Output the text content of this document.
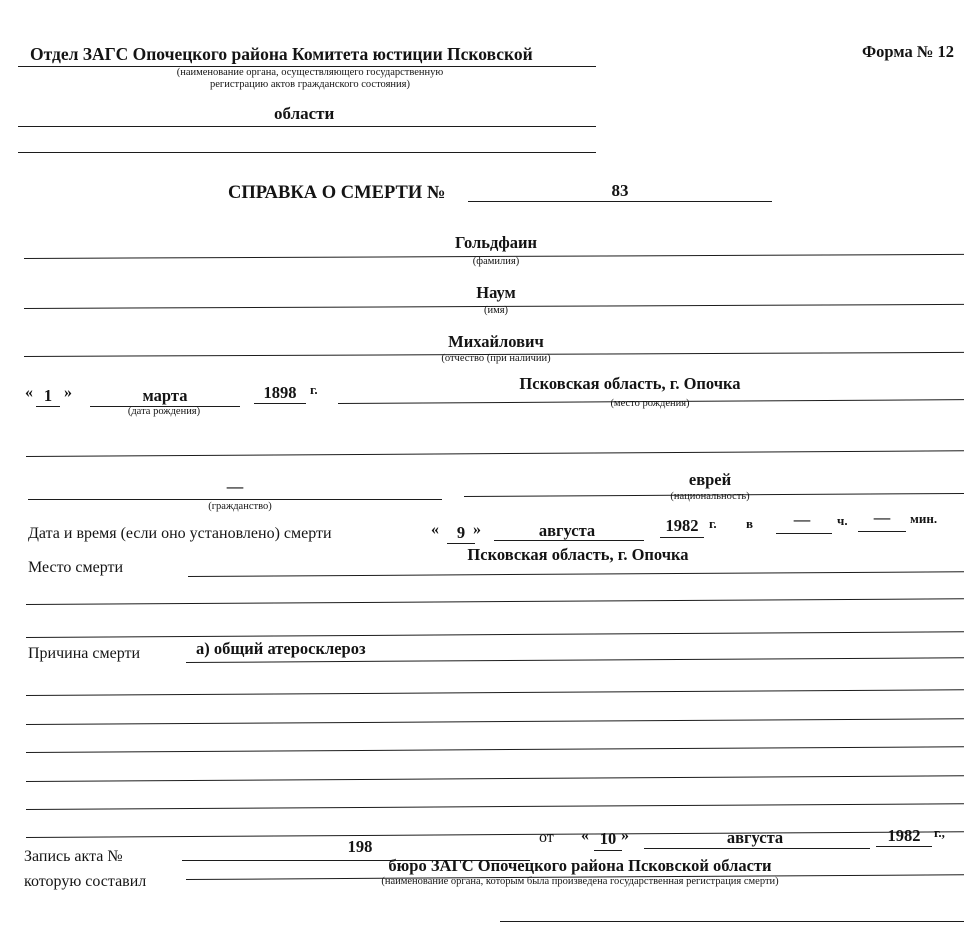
Отдел ЗАГС Опочецкого района Комитета юстиции Псковской
(наименование органа, осуществляющего государственную
регистрацию актов гражданского состояния)
области
Форма № 12
СПРАВКА О СМЕРТИ №	83
Гольдфаин
(фамилия)
Наум
(имя)
Михайлович
(отчество (при наличии)
« 1 »	марта
(дата рождения)
1898	г.	Псковская область, г. Опочка
(место рождения)
—
(гражданство)
еврей
(национальность)
Дата и время (если оно установлено) смерти	«	9 »	августа	1982 г. в	—	ч.	—	мин.
Место смерти
Псковская область, г. Опочка
Причина смерти	а) общий атеросклероз
Запись акта №
198	от « 10 »	августа	1982	г.,
которую составил
бюро ЗАГС Опочецкого района Псковской области
(наименование органа, которым была произведена государственная регистрация смерти)
